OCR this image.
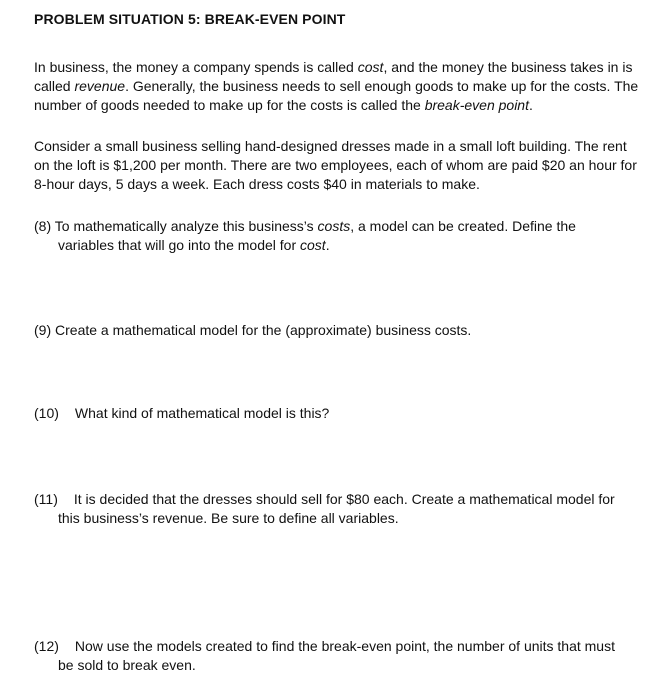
PROBLEM SITUATION 5: BREAK-EVEN POINT
In business, the money a company spends is called cost, and the money the business takes in is called revenue. Generally, the business needs to sell enough goods to make up for the costs. The number of goods needed to make up for the costs is called the break-even point.
Consider a small business selling hand-designed dresses made in a small loft building. The rent on the loft is $1,200 per month. There are two employees, each of whom are paid $20 an hour for 8-hour days, 5 days a week. Each dress costs $40 in materials to make.
(8) To mathematically analyze this business’s costs, a model can be created. Define the variables that will go into the model for cost.
(9) Create a mathematical model for the (approximate) business costs.
(10) What kind of mathematical model is this?
(11) It is decided that the dresses should sell for $80 each. Create a mathematical model for this business’s revenue. Be sure to define all variables.
(12) Now use the models created to find the break-even point, the number of units that must be sold to break even.
